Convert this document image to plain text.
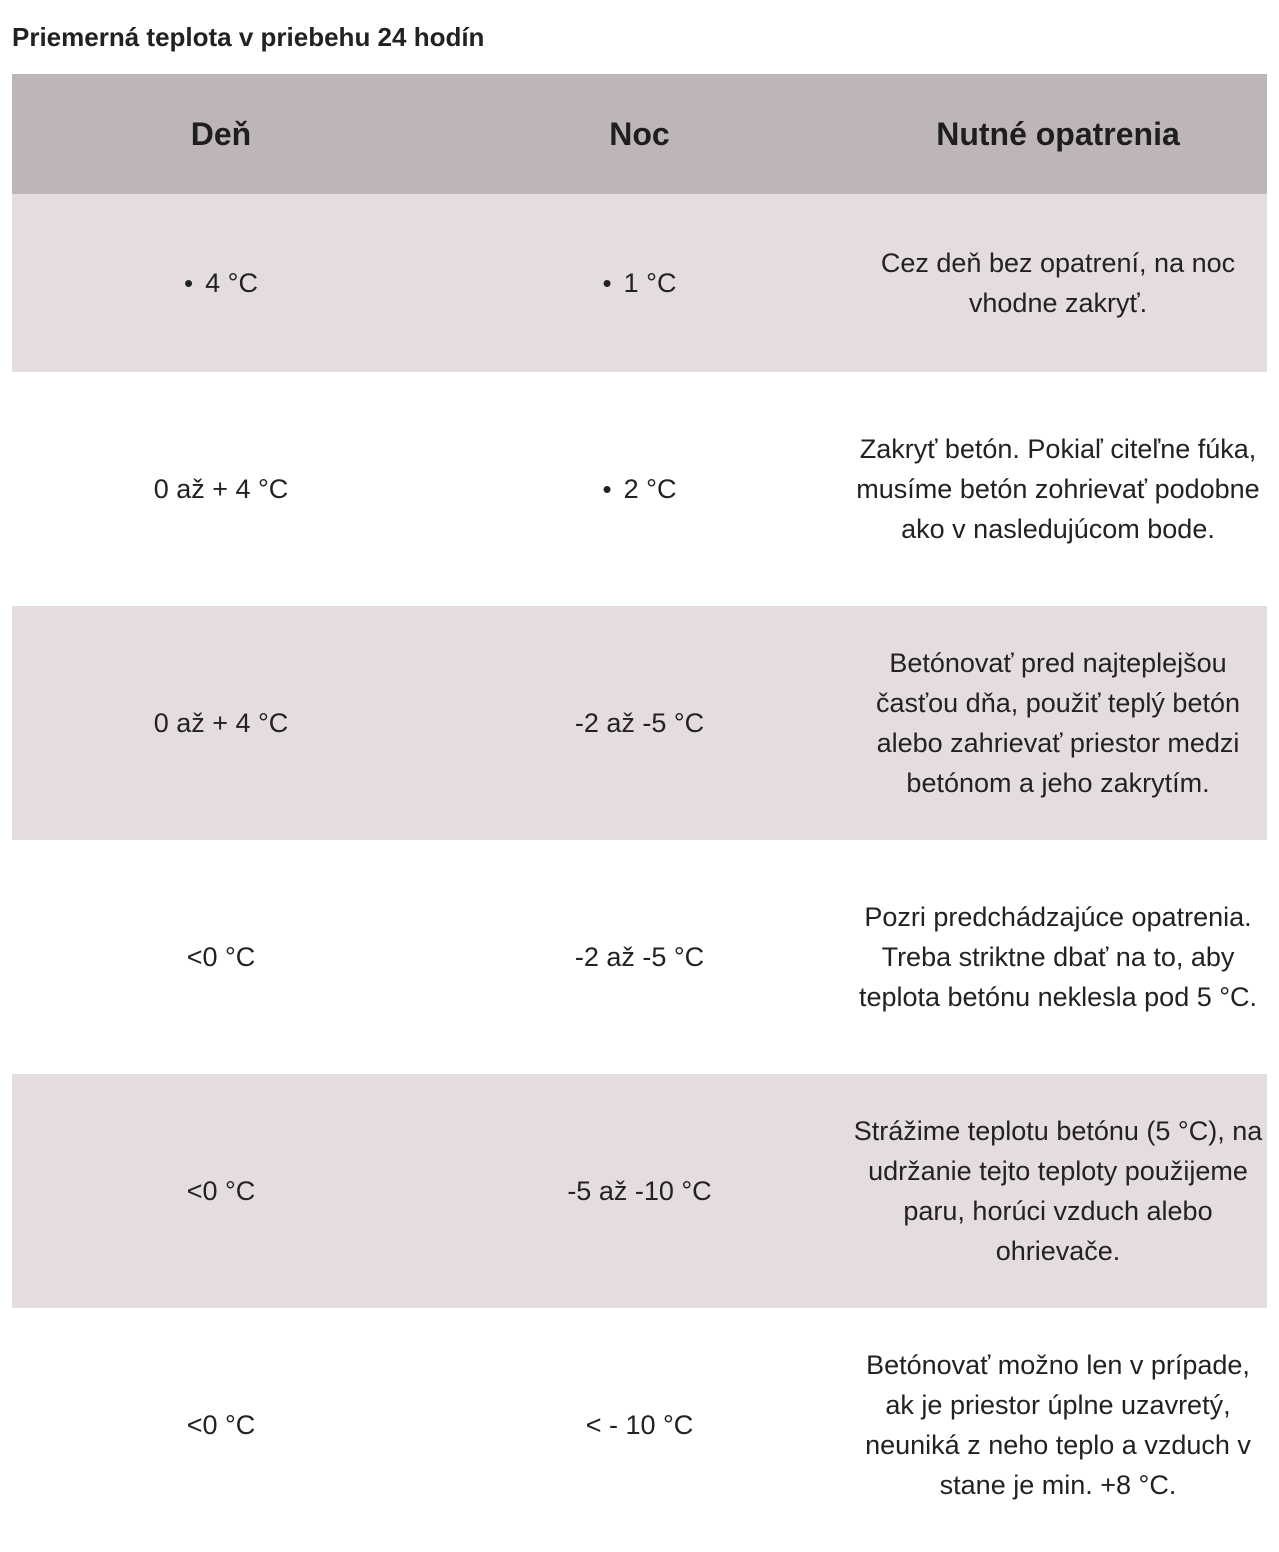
Priemerná teplota v priebehu 24 hodín
Deň	Noc	Nutné opatrenia
• 4 °C	• 1 °C	Cez deň bez opatrení, na noc vhodne zakryť.
0 až + 4 °C	• 2 °C	Zakryť betón. Pokiaľ citeľne fúka, musíme betón zohrievať podobne ako v nasledujúcom bode.
0 až + 4 °C	-2 až -5 °C	Betónovať pred najteplejšou časťou dňa, použiť teplý betón alebo zahrievať priestor medzi betónom a jeho zakrytím.
<0 °C	-2 až -5 °C	Pozri predchádzajúce opatrenia. Treba striktne dbať na to, aby teplota betónu neklesla pod 5 °C.
<0 °C	-5 až -10 °C	Strážime teplotu betónu (5 °C), na udržanie tejto teploty použijeme paru, horúci vzduch alebo ohrievače.
<0 °C	< - 10 °C	Betónovať možno len v prípade, ak je priestor úplne uzavretý, neuniká z neho teplo a vzduch v stane je min. +8 °C.
